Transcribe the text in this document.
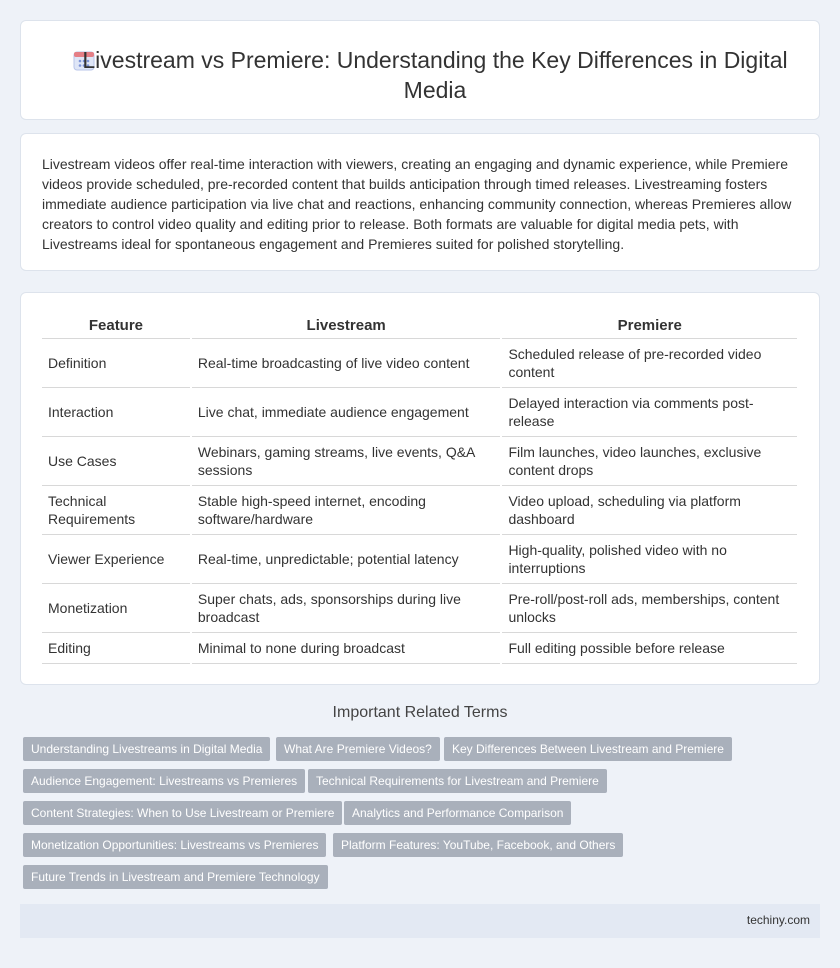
Livestream vs Premiere: Understanding the Key Differences in Digital Media

Livestream videos offer real-time interaction with viewers, creating an engaging and dynamic experience, while Premiere videos provide scheduled, pre-recorded content that builds anticipation through timed releases. Livestreaming fosters immediate audience participation via live chat and reactions, enhancing community connection, whereas Premieres allow creators to control video quality and editing prior to release. Both formats are valuable for digital media pets, with Livestreams ideal for spontaneous engagement and Premieres suited for polished storytelling.

Feature	Livestream	Premiere
Definition	Real-time broadcasting of live video content	Scheduled release of pre-recorded video content
Interaction	Live chat, immediate audience engagement	Delayed interaction via comments post-release
Use Cases	Webinars, gaming streams, live events, Q&A sessions	Film launches, video launches, exclusive content drops
Technical Requirements	Stable high-speed internet, encoding software/hardware	Video upload, scheduling via platform dashboard
Viewer Experience	Real-time, unpredictable; potential latency	High-quality, polished video with no interruptions
Monetization	Super chats, ads, sponsorships during live broadcast	Pre-roll/post-roll ads, memberships, content unlocks
Editing	Minimal to none during broadcast	Full editing possible before release
Important Related Terms
Understanding Livestreams in Digital Media	What Are Premiere Videos?	Key Differences Between Livestream and Premiere
Audience Engagement: Livestreams vs Premieres	Technical Requirements for Livestream and Premiere
Content Strategies: When to Use Livestream or Premiere	Analytics and Performance Comparison
Monetization Opportunities: Livestreams vs Premieres	Platform Features: YouTube, Facebook, and Others
Future Trends in Livestream and Premiere Technology
techiny.com
